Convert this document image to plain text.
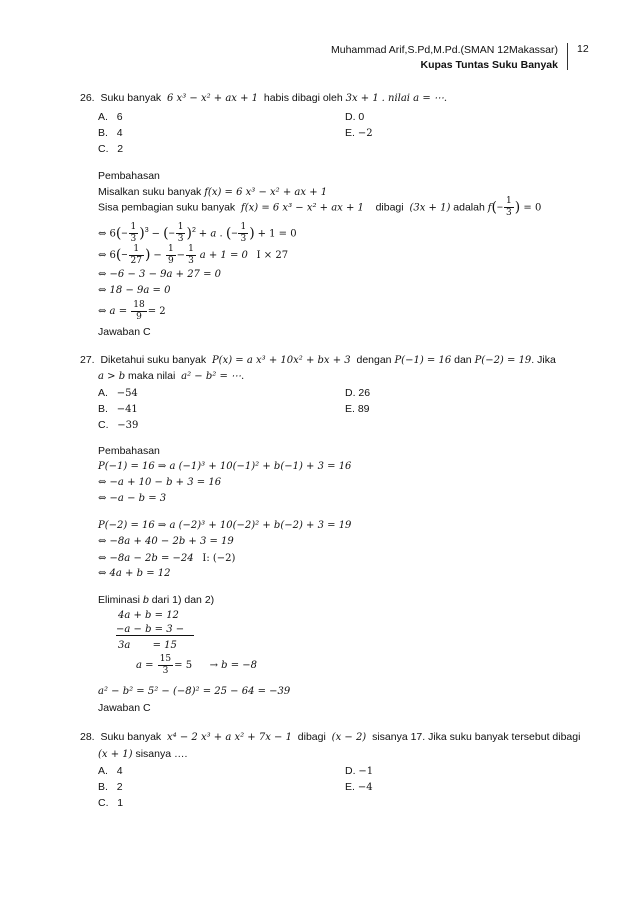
Muhammad Arif,S.Pd,M.Pd.(SMAN 12Makassar)
Kupas Tuntas Suku Banyak
12
26. Suku banyak 6 x³ − x² + ax + 1 habis dibagi oleh 3x + 1 . nilai a = ⋯.
A. 6
B. 4
C. 2
D. 0
E. −2
Pembahasan
Misalkan suku banyak f(x) = 6 x³ − x² + ax + 1
Sisa pembagian suku banyak f(x) = 6 x³ − x² + ax + 1 dibagi (3x + 1) adalah $f(- \frac{1}{3}$ ) = 0
⇔ $6(- \frac{1}{3} )^3$ − (− $\frac{1}{3} )^2 + a$ . (− $\frac{1}{3}$ ) + 1 = 0
⇔ $6(- \frac{1}{27}$ ) − $\frac{1}{9} - \frac{1}{3}$ a + 1 = 0 I × 27
⇔ −6 − 3 − 9a + 27 = 0
⇔ 18 − 9a = 0
⇔ $a = \frac{18}{9} = 2$
Jawaban C
27. Diketahui suku banyak P(x) = a x³ + 10x² + bx + 3 dengan P(−1) = 16 dan P(−2) = 19. Jika
a > b maka nilai a² − b² = ⋯.
A. −54
B. −41
C. −39
D. 26
E. 89
Pembahasan
P(−1) = 16 ⇒ a (−1)³ + 10(−1)² + b(−1) + 3 = 16
⇔ −a + 10 − b + 3 = 16
⇔ −a − b = 3
P(−2) = 16 ⇒ a (−2)³ + 10(−2)² + b(−2) + 3 = 19
⇔ −8a + 40 − 2b + 3 = 19
⇔ −8a − 2b = −24 I: (−2)
⇔ 4a + b = 12
Eliminasi b dari 1) dan 2)
4a + b = 12
−a − b = 3 −
3a       = 15
$a = \frac{15}{3} = 5 \to b = -8$
a² − b² = 5² − (−8)² = 25 − 64 = −39
Jawaban C
28. Suku banyak x⁴ − 2 x³ + a x² + 7x − 1 dibagi (x − 2) sisanya 17. Jika suku banyak tersebut dibagi
(x + 1) sisanya ….
A. 4
B. 2
C. 1
D. −1
E. −4
